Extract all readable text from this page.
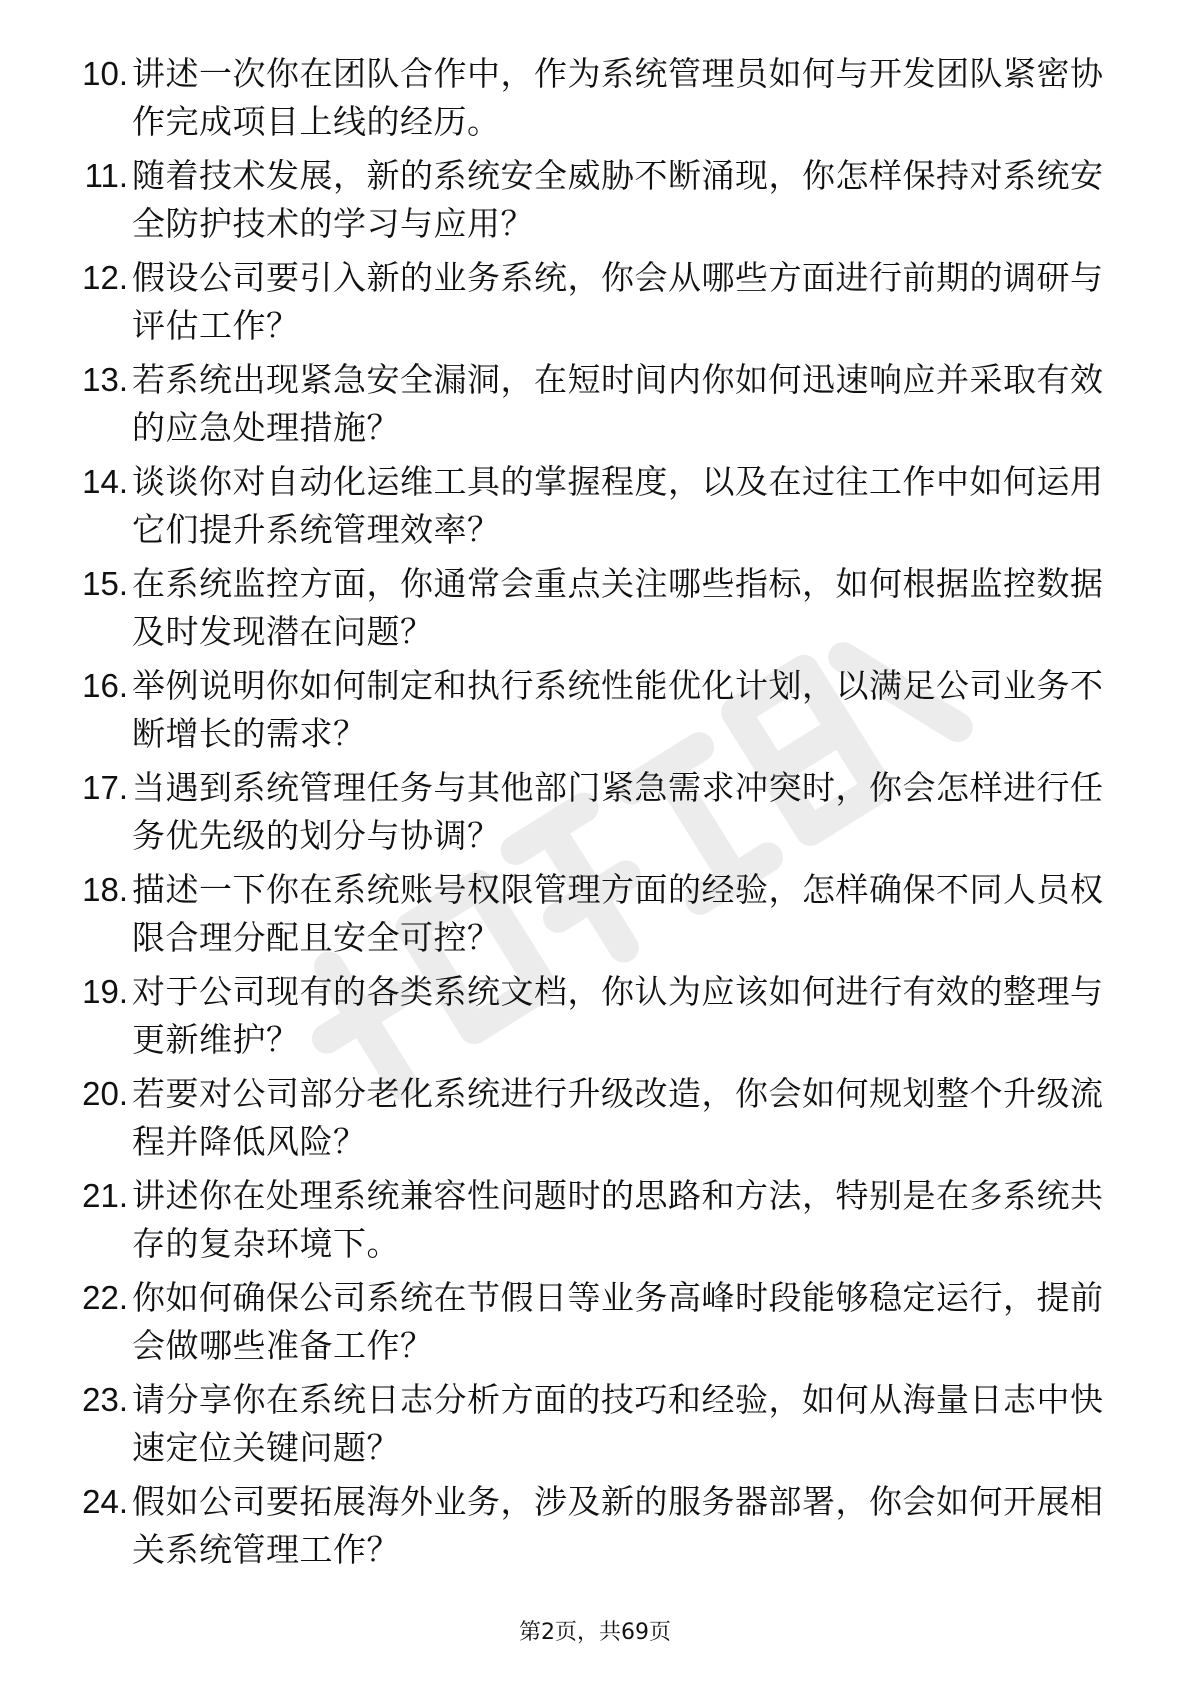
10. 讲述一次你在团队合作中，作为系统管理员如何与开发团队紧密协作完成项目上线的经历。

11. 随着技术发展，新的系统安全威胁不断涌现，你怎样保持对系统安全防护技术的学习与应用？

12. 假设公司要引入新的业务系统，你会从哪些方面进行前期的调研与评估工作？

13. 若系统出现紧急安全漏洞，在短时间内你如何迅速响应并采取有效的应急处理措施？

14. 谈谈你对自动化运维工具的掌握程度，以及在过往工作中如何运用它们提升系统管理效率？

15. 在系统监控方面，你通常会重点关注哪些指标，如何根据监控数据及时发现潜在问题？

16. 举例说明你如何制定和执行系统性能优化计划，以满足公司业务不断增长的需求？

17. 当遇到系统管理任务与其他部门紧急需求冲突时，你会怎样进行任务优先级的划分与协调？

18. 描述一下你在系统账号权限管理方面的经验，怎样确保不同人员权限合理分配且安全可控？

19. 对于公司现有的各类系统文档，你认为应该如何进行有效的整理与更新维护？

20. 若要对公司部分老化系统进行升级改造，你会如何规划整个升级流程并降低风险？

21. 讲述你在处理系统兼容性问题时的思路和方法，特别是在多系统共存的复杂环境下。

22. 你如何确保公司系统在节假日等业务高峰时段能够稳定运行，提前会做哪些准备工作？

23. 请分享你在系统日志分析方面的技巧和经验，如何从海量日志中快速定位关键问题？

24. 假如公司要拓展海外业务，涉及新的服务器部署，你会如何开展相关系统管理工作？

第2页，共69页
